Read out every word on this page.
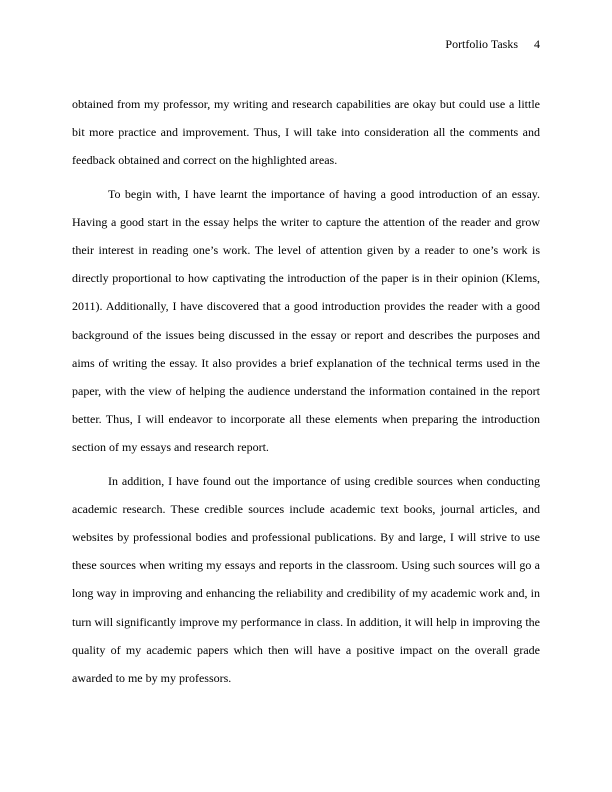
Portfolio Tasks 4

obtained from my professor, my writing and research capabilities are okay but could use a little bit more practice and improvement. Thus, I will take into consideration all the comments and feedback obtained and correct on the highlighted areas.

To begin with, I have learnt the importance of having a good introduction of an essay. Having a good start in the essay helps the writer to capture the attention of the reader and grow their interest in reading one’s work. The level of attention given by a reader to one’s work is directly proportional to how captivating the introduction of the paper is in their opinion (Klems, 2011). Additionally, I have discovered that a good introduction provides the reader with a good background of the issues being discussed in the essay or report and describes the purposes and aims of writing the essay. It also provides a brief explanation of the technical terms used in the paper, with the view of helping the audience understand the information contained in the report better. Thus, I will endeavor to incorporate all these elements when preparing the introduction section of my essays and research report.

In addition, I have found out the importance of using credible sources when conducting academic research. These credible sources include academic text books, journal articles, and websites by professional bodies and professional publications. By and large, I will strive to use these sources when writing my essays and reports in the classroom. Using such sources will go a long way in improving and enhancing the reliability and credibility of my academic work and, in turn will significantly improve my performance in class. In addition, it will help in improving the quality of my academic papers which then will have a positive impact on the overall grade awarded to me by my professors.
